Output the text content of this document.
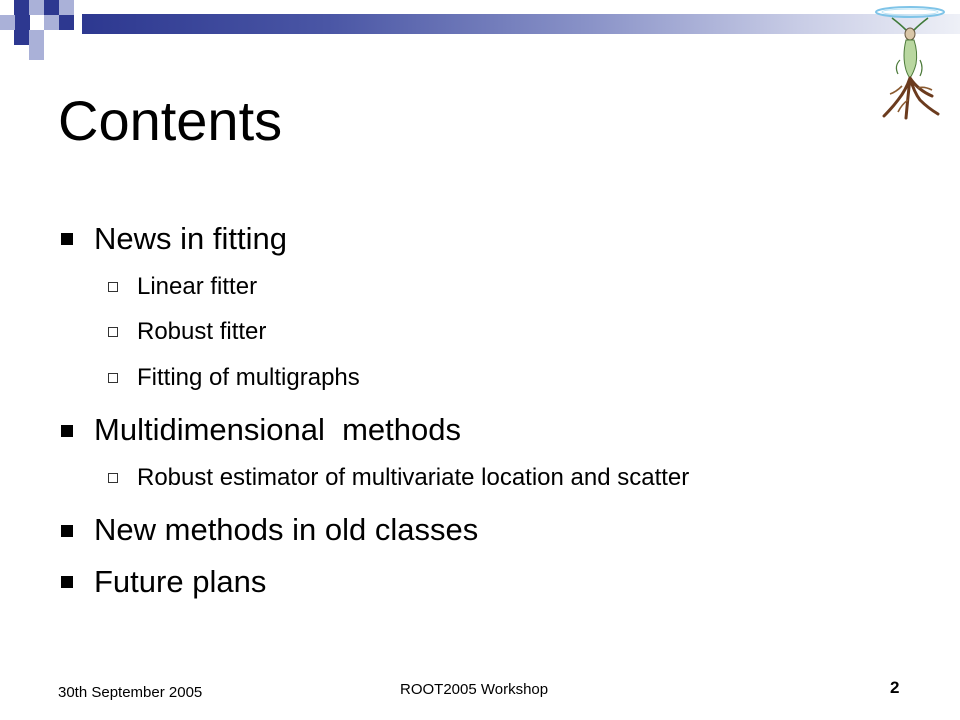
Contents
News in fitting
Linear fitter
Robust fitter
Fitting of multigraphs
Multidimensional  methods
Robust estimator of multivariate location and scatter
New methods in old classes
Future plans
30th September 2005	ROOT2005 Workshop	2
